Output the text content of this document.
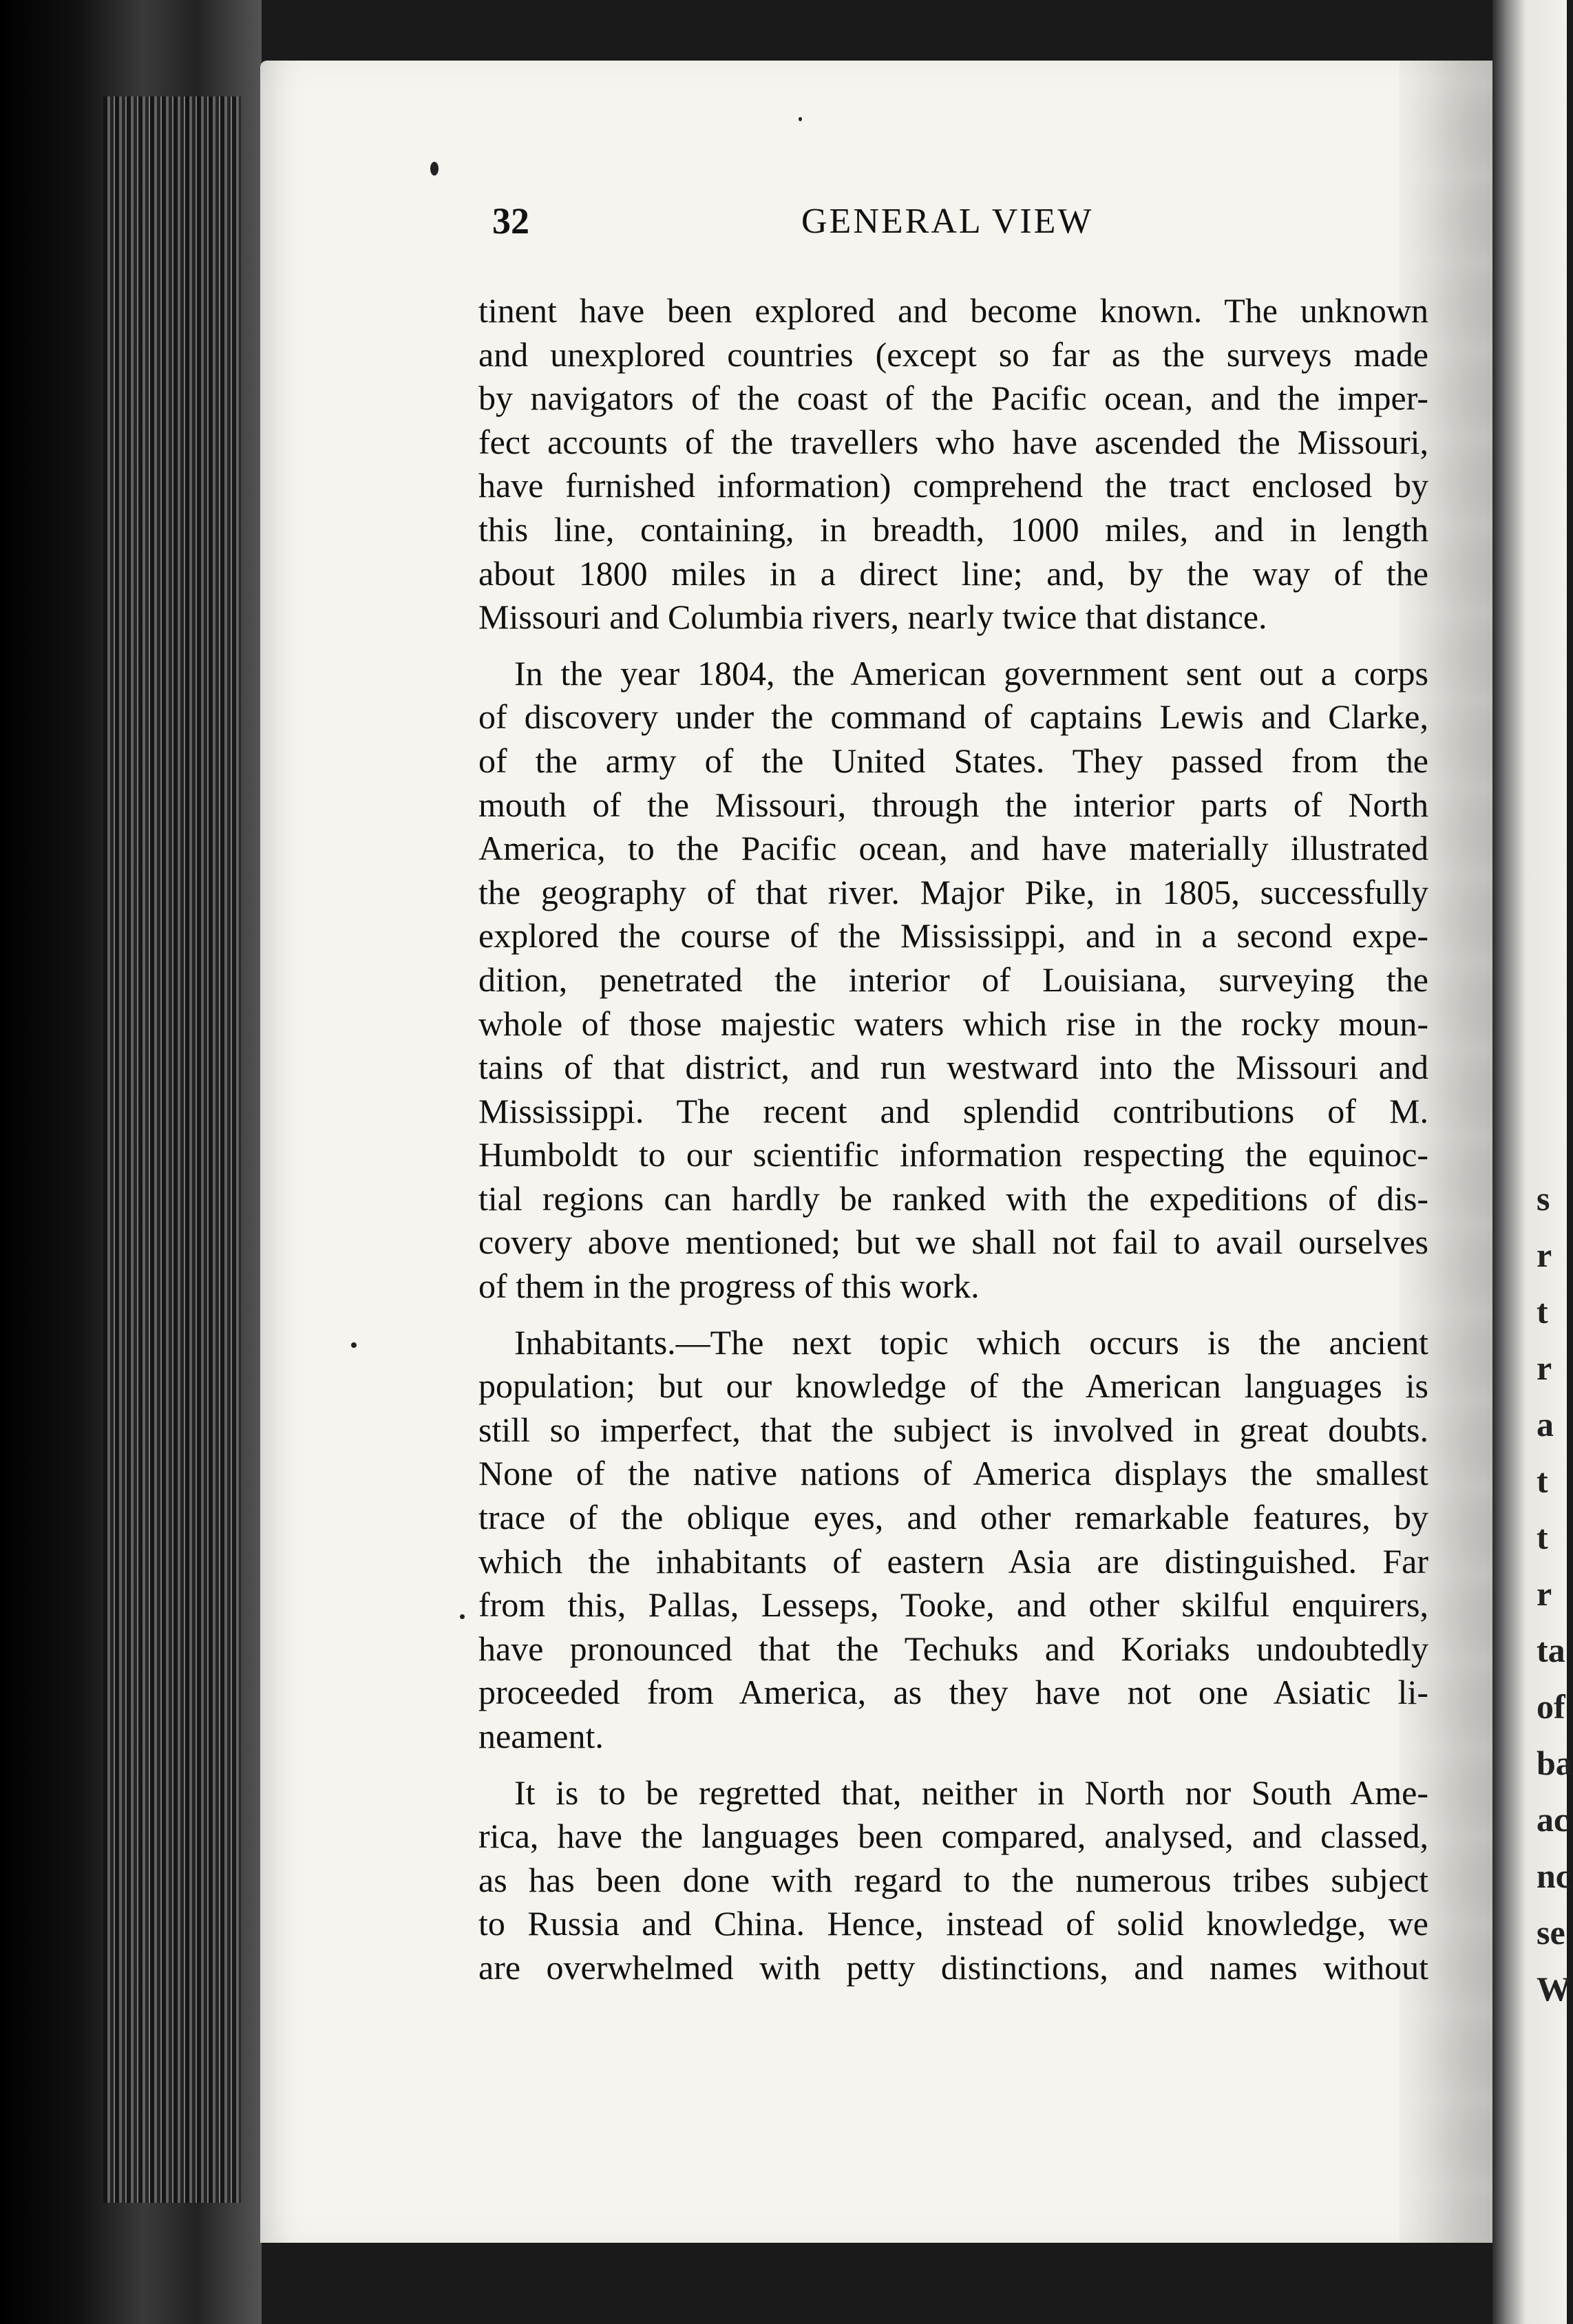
s
r
t
r
a
t
t
r
ta
of
ba
ac
nc
se
W
32	GENERAL VIEW
tinent have been explored and become known. The unknown
and unexplored countries (except so far as the surveys made
by navigators of the coast of the Pacific ocean, and the imper-
fect accounts of the travellers who have ascended the Missouri,
have furnished information) comprehend the tract enclosed by
this line, containing, in breadth, 1000 miles, and in length
about 1800 miles in a direct line; and, by the way of the
Missouri and Columbia rivers, nearly twice that distance.
In the year 1804, the American government sent out a corps
of discovery under the command of captains Lewis and Clarke,
of the army of the United States. They passed from the
mouth of the Missouri, through the interior parts of North
America, to the Pacific ocean, and have materially illustrated
the geography of that river. Major Pike, in 1805, successfully
explored the course of the Mississippi, and in a second expe-
dition, penetrated the interior of Louisiana, surveying the
whole of those majestic waters which rise in the rocky moun-
tains of that district, and run westward into the Missouri and
Mississippi. The recent and splendid contributions of M.
Humboldt to our scientific information respecting the equinoc-
tial regions can hardly be ranked with the expeditions of dis-
covery above mentioned; but we shall not fail to avail ourselves
of them in the progress of this work.
Inhabitants.—The next topic which occurs is the ancient
population; but our knowledge of the American languages is
still so imperfect, that the subject is involved in great doubts.
None of the native nations of America displays the smallest
trace of the oblique eyes, and other remarkable features, by
which the inhabitants of eastern Asia are distinguished. Far
from this, Pallas, Lesseps, Tooke, and other skilful enquirers,
have pronounced that the Techuks and Koriaks undoubtedly
proceeded from America, as they have not one Asiatic li-
neament.
It is to be regretted that, neither in North nor South Ame-
rica, have the languages been compared, analysed, and classed,
as has been done with regard to the numerous tribes subject
to Russia and China. Hence, instead of solid knowledge, we
are overwhelmed with petty distinctions, and names without
